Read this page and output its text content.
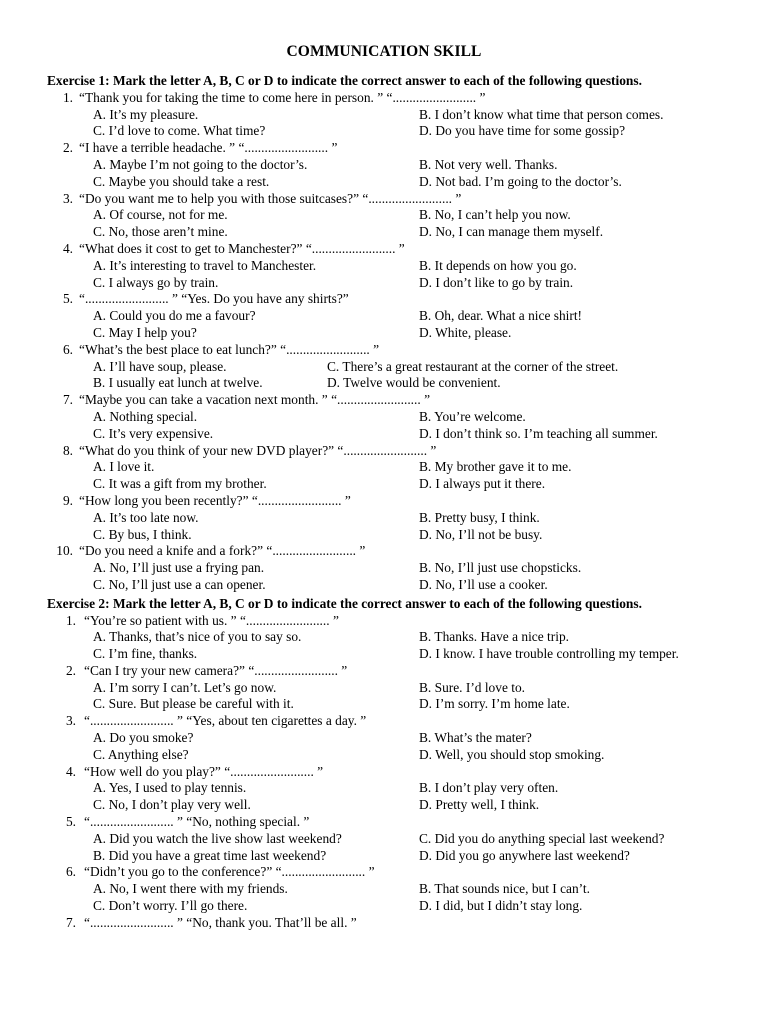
COMMUNICATION SKILL
Exercise 1: Mark the letter A, B, C or D to indicate the correct answer to each of the following questions.
1. “Thank you for taking the time to come here in person. ” “......................... ”
A. It’s my pleasure.	B. I don’t know what time that person comes.
C. I’d love to come. What time?	D. Do you have time for some gossip?
2. “I have a terrible headache. ” “......................... ”
A. Maybe I’m not going to the doctor’s.	B. Not very well. Thanks.
C. Maybe you should take a rest.	D. Not bad. I’m going to the doctor’s.
3. “Do you want me to help you with those suitcases?” “......................... ”
A. Of course, not for me.	B. No, I can’t help you now.
C. No, those aren’t mine.	D. No, I can manage them myself.
4. “What does it cost to get to Manchester?” “......................... ”
A. It’s interesting to travel to Manchester.	B. It depends on how you go.
C. I always go by train.	D. I don’t like to go by train.
5. “......................... ” “Yes. Do you have any shirts?”
A. Could you do me a favour?	B. Oh, dear. What a nice shirt!
C. May I help you?	D. White, please.
6. “What’s the best place to eat lunch?” “......................... ”
A. I’ll have soup, please.	C. There’s a great restaurant at the corner of the street.
B. I usually eat lunch at twelve.	D. Twelve would be convenient.
7. “Maybe you can take a vacation next month. ” “......................... ”
A. Nothing special.	B. You’re welcome.
C. It’s very expensive.	D. I don’t think so. I’m teaching all summer.
8. “What do you think of your new DVD player?” “......................... ”
A. I love it.	B. My brother gave it to me.
C. It was a gift from my brother.	D. I always put it there.
9. “How long you been recently?” “......................... ”
A. It’s too late now.	B. Pretty busy, I think.
C. By bus, I think.	D. No, I’ll not be busy.
10. “Do you need a knife and a fork?” “......................... ”
A. No, I’ll just use a frying pan.	B. No, I’ll just use chopsticks.
C. No, I’ll just use a can opener.	D. No, I’ll use a cooker.
Exercise 2: Mark the letter A, B, C or D to indicate the correct answer to each of the following questions.
1. “You’re so patient with us. ” “......................... ”
A. Thanks, that’s nice of you to say so.	B. Thanks. Have a nice trip.
C. I’m fine, thanks.	D. I know. I have trouble controlling my temper.
2. “Can I try your new camera?” “......................... ”
A. I’m sorry I can’t. Let’s go now.	B. Sure. I’d love to.
C. Sure. But please be careful with it.	D. I’m sorry. I’m home late.
3. “......................... ” “Yes, about ten cigarettes a day. ”
A. Do you smoke?	B. What’s the mater?
C. Anything else?	D. Well, you should stop smoking.
4. “How well do you play?” “......................... ”
A. Yes, I used to play tennis.	B. I don’t play very often.
C. No, I don’t play very well.	D. Pretty well, I think.
5. “......................... ” “No, nothing special. ”
A. Did you watch the live show last weekend?	C. Did you do anything special last weekend?
B. Did you have a great time last weekend?	D. Did you go anywhere last weekend?
6. “Didn’t you go to the conference?” “......................... ”
A. No, I went there with my friends.	B. That sounds nice, but I can’t.
C. Don’t worry. I’ll go there.	D. I did, but I didn’t stay long.
7. “......................... ” “No, thank you. That’ll be all. ”
